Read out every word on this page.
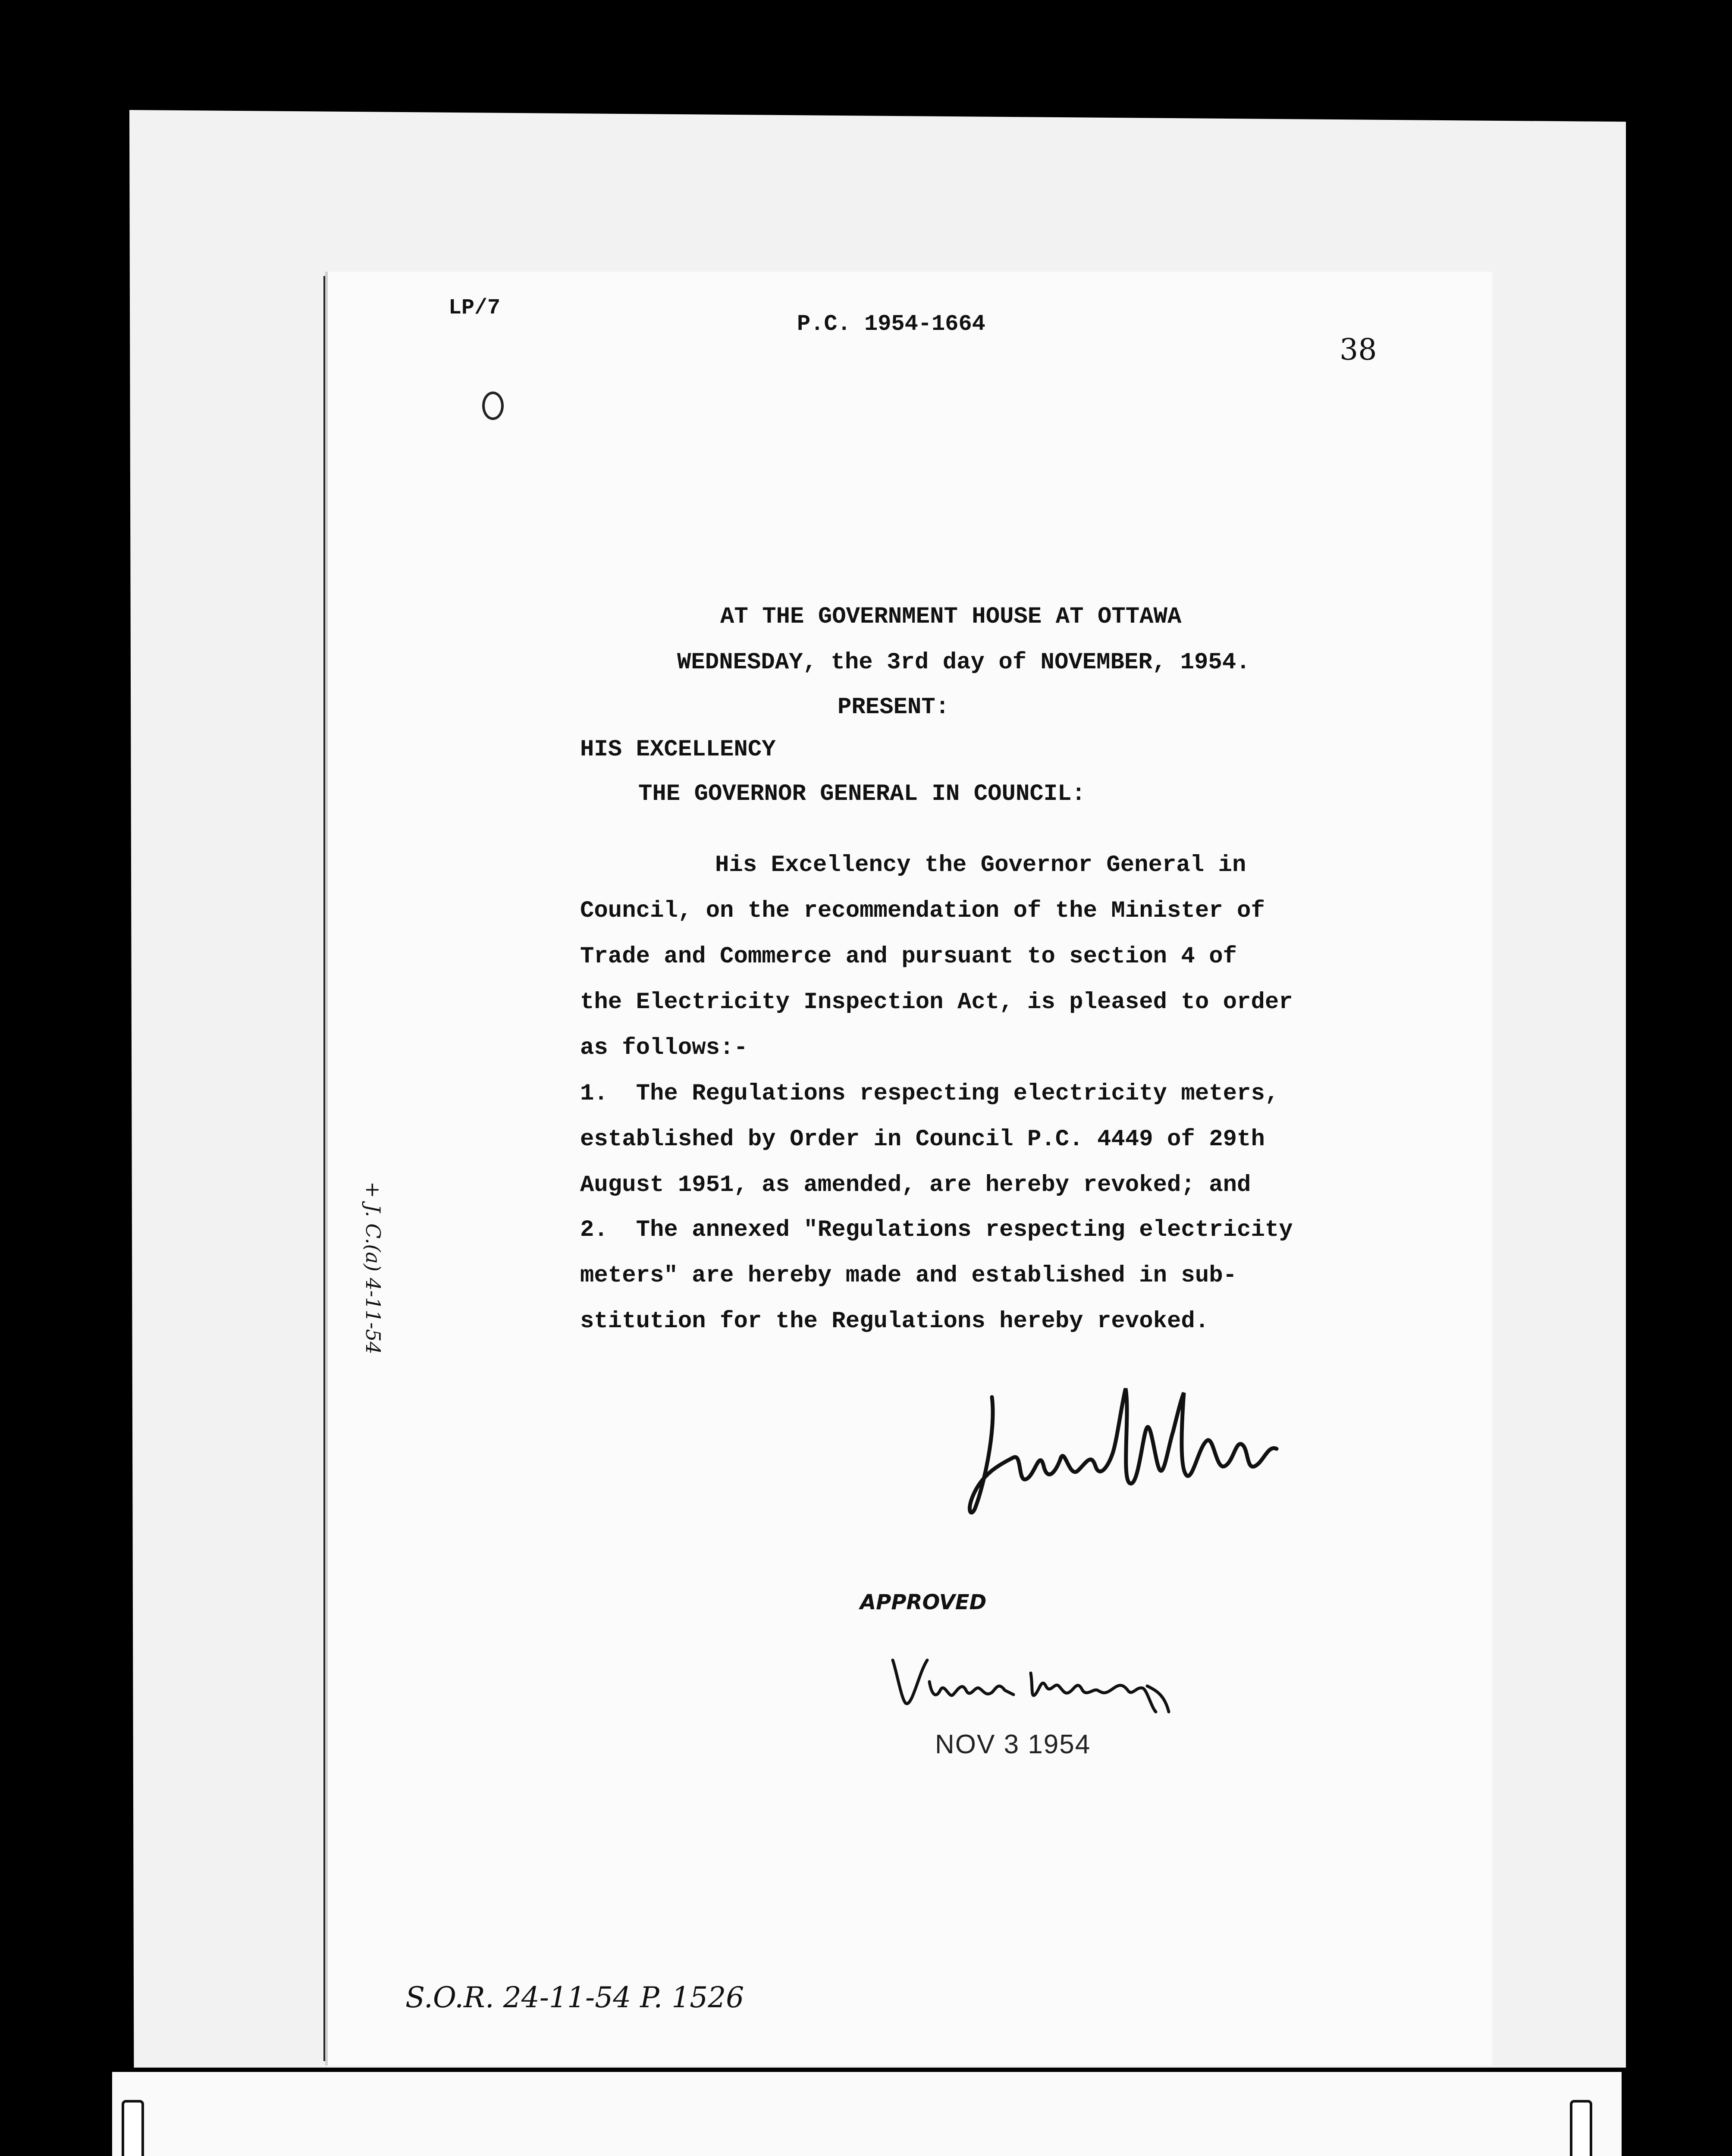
LP/7
P.C. 1954-1664
38
AT THE GOVERNMENT HOUSE AT OTTAWA
WEDNESDAY, the 3rd day of NOVEMBER, 1954.
PRESENT:
HIS EXCELLENCY
THE GOVERNOR GENERAL IN COUNCIL:
His Excellency the Governor General in
Council, on the recommendation of the Minister of
Trade and Commerce and pursuant to section 4 of
the Electricity Inspection Act, is pleased to order
as follows:-
1.  The Regulations respecting electricity meters,
established by Order in Council P.C. 4449 of 29th
August 1951, as amended, are hereby revoked; and
2.  The annexed "Regulations respecting electricity
meters" are hereby made and established in sub-
stitution for the Regulations hereby revoked.
APPROVED
NOV 3 1954
+ J. C.(a) 4-11-54
S.O.R. 24-11-54 P. 1526
